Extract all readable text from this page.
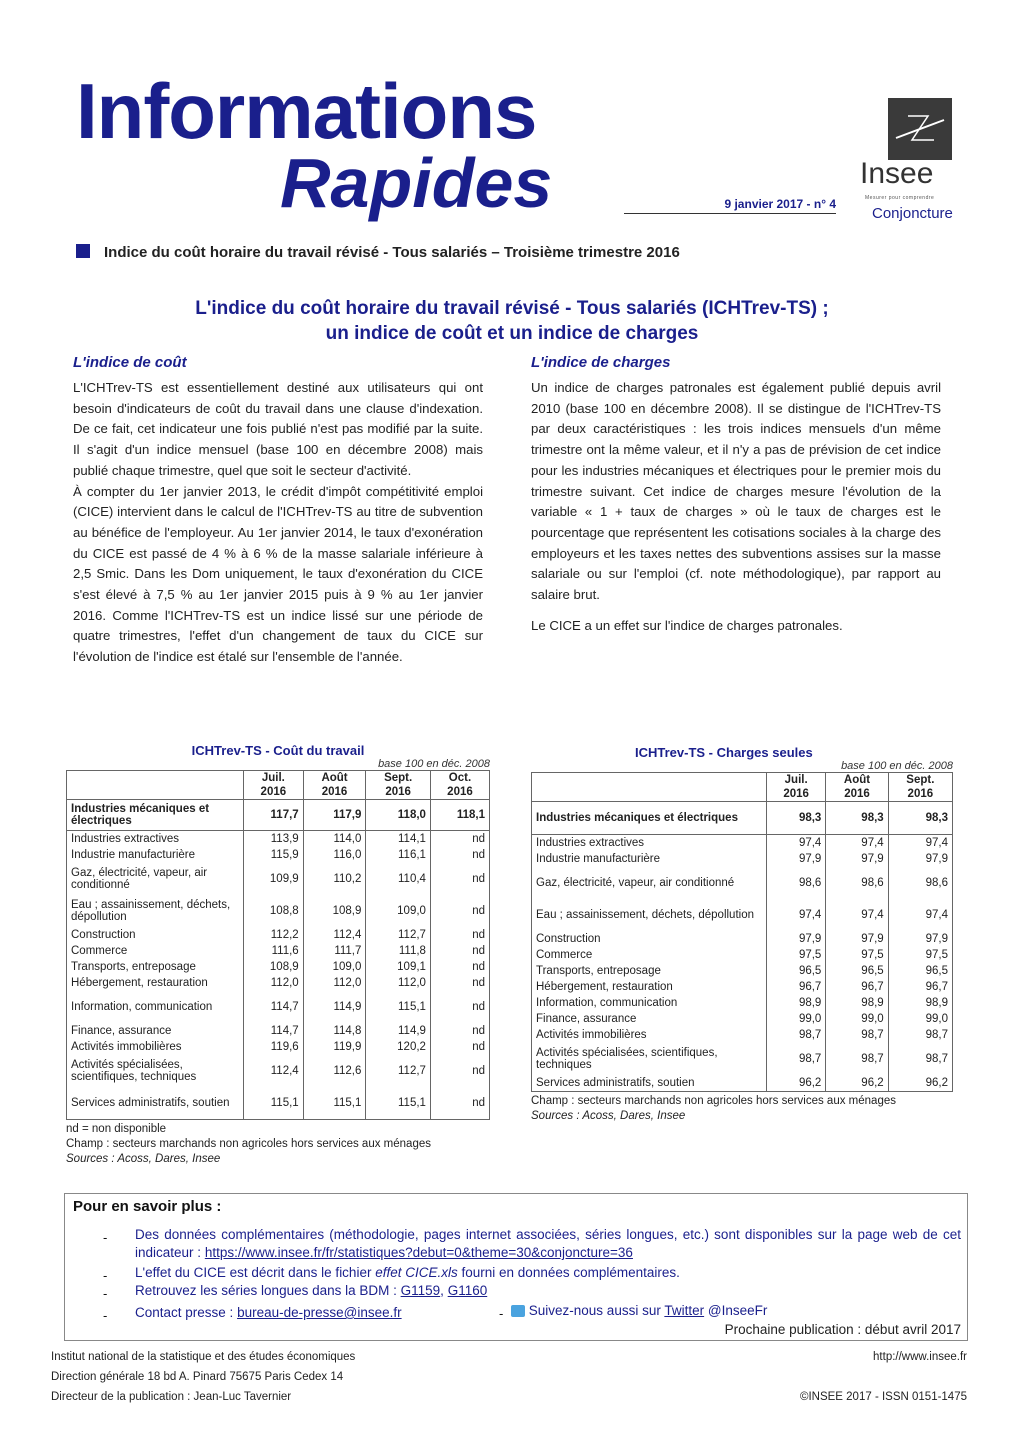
Informations
Rapides	9 janvier 2017 - n° 4
Insee
Mesurer pour comprendre
Conjoncture
Indice du coût horaire du travail révisé - Tous salariés – Troisième trimestre 2016
L'indice du coût horaire du travail révisé - Tous salariés (ICHTrev-TS) ;
un indice de coût et un indice de charges
L'indice de coût

L'ICHTrev-TS est essentiellement destiné aux utilisateurs qui ont besoin d'indicateurs de coût du travail dans une clause d'indexation. De ce fait, cet indicateur une fois publié n'est pas modifié par la suite. Il s'agit d'un indice mensuel (base 100 en décembre 2008) mais publié chaque trimestre, quel que soit le secteur d'activité.

À compter du 1er janvier 2013, le crédit d'impôt compétitivité emploi (CICE) intervient dans le calcul de l'ICHTrev-TS au titre de subvention au bénéfice de l'employeur. Au 1er janvier 2014, le taux d'exonération du CICE est passé de 4 % à 6 % de la masse salariale inférieure à 2,5 Smic. Dans les Dom uniquement, le taux d'exonération du CICE s'est élevé à 7,5 % au 1er janvier 2015 puis à 9 % au 1er janvier 2016. Comme l'ICHTrev-TS est un indice lissé sur une période de quatre trimestres, l'effet d'un changement de taux du CICE sur l'évolution de l'indice est étalé sur l'ensemble de l'année.

L'indice de charges

Un indice de charges patronales est également publié depuis avril 2010 (base 100 en décembre 2008). Il se distingue de l'ICHTrev-TS par deux caractéristiques : les trois indices mensuels d'un même trimestre ont la même valeur, et il n'y a pas de prévision de cet indice pour les industries mécaniques et électriques pour le premier mois du trimestre suivant. Cet indice de charges mesure l'évolution de la variable « 1 + taux de charges » où le taux de charges est le pourcentage que représentent les cotisations sociales à la charge des employeurs et les taxes nettes des subventions assises sur la masse salariale ou sur l'emploi (cf. note méthodologique), par rapport au salaire brut.

Le CICE a un effet sur l'indice de charges patronales.

ICHTrev-TS - Coût du travail
base 100 en déc. 2008
	Juil. 2016	Août 2016	Sept. 2016	Oct. 2016
Industries mécaniques et électriques	117,7	117,9	118,0	118,1
Industries extractives	113,9	114,0	114,1	nd
Industrie manufacturière	115,9	116,0	116,1	nd
Gaz, électricité, vapeur, air conditionné	109,9	110,2	110,4	nd
Eau ; assainissement, déchets, dépollution	108,8	108,9	109,0	nd
Construction	112,2	112,4	112,7	nd
Commerce	111,6	111,7	111,8	nd
Transports, entreposage	108,9	109,0	109,1	nd
Hébergement, restauration	112,0	112,0	112,0	nd
Information, communication	114,7	114,9	115,1	nd
Finance, assurance	114,7	114,8	114,9	nd
Activités immobilières	119,6	119,9	120,2	nd
Activités spécialisées, scientifiques, techniques	112,4	112,6	112,7	nd
Services administratifs, soutien	115,1	115,1	115,1	nd
nd = non disponible
Champ : secteurs marchands non agricoles hors services aux ménages
Sources : Acoss, Dares, Insee
ICHTrev-TS - Charges seules
base 100 en déc. 2008
	Juil. 2016	Août 2016	Sept. 2016
Industries mécaniques et électriques	98,3	98,3	98,3
Industries extractives	97,4	97,4	97,4
Industrie manufacturière	97,9	97,9	97,9
Gaz, électricité, vapeur, air conditionné	98,6	98,6	98,6
Eau ; assainissement, déchets, dépollution	97,4	97,4	97,4
Construction	97,9	97,9	97,9
Commerce	97,5	97,5	97,5
Transports, entreposage	96,5	96,5	96,5
Hébergement, restauration	96,7	96,7	96,7
Information, communication	98,9	98,9	98,9
Finance, assurance	99,0	99,0	99,0
Activités immobilières	98,7	98,7	98,7
Activités spécialisées, scientifiques, techniques	98,7	98,7	98,7
Services administratifs, soutien	96,2	96,2	96,2
Champ : secteurs marchands non agricoles hors services aux ménages
Sources : Acoss, Dares, Insee
Pour en savoir plus :
- Des données complémentaires (méthodologie, pages internet associées, séries longues, etc.) sont disponibles sur la page web de cet indicateur : https://www.insee.fr/fr/statistiques?debut=0&theme=30&conjoncture=36
- L'effet du CICE est décrit dans le fichier effet CICE.xls fourni en données complémentaires.
- Retrouvez les séries longues dans la BDM : G1159, G1160
- Contact presse : bureau-de-presse@insee.fr	-	Suivez-nous aussi sur Twitter @InseeFr
Prochaine publication : début avril 2017
Institut national de la statistique et des études économiques
Direction générale 18 bd A. Pinard 75675 Paris Cedex 14
Directeur de la publication : Jean-Luc Tavernier
http://www.insee.fr
©INSEE 2017 - ISSN 0151-1475
